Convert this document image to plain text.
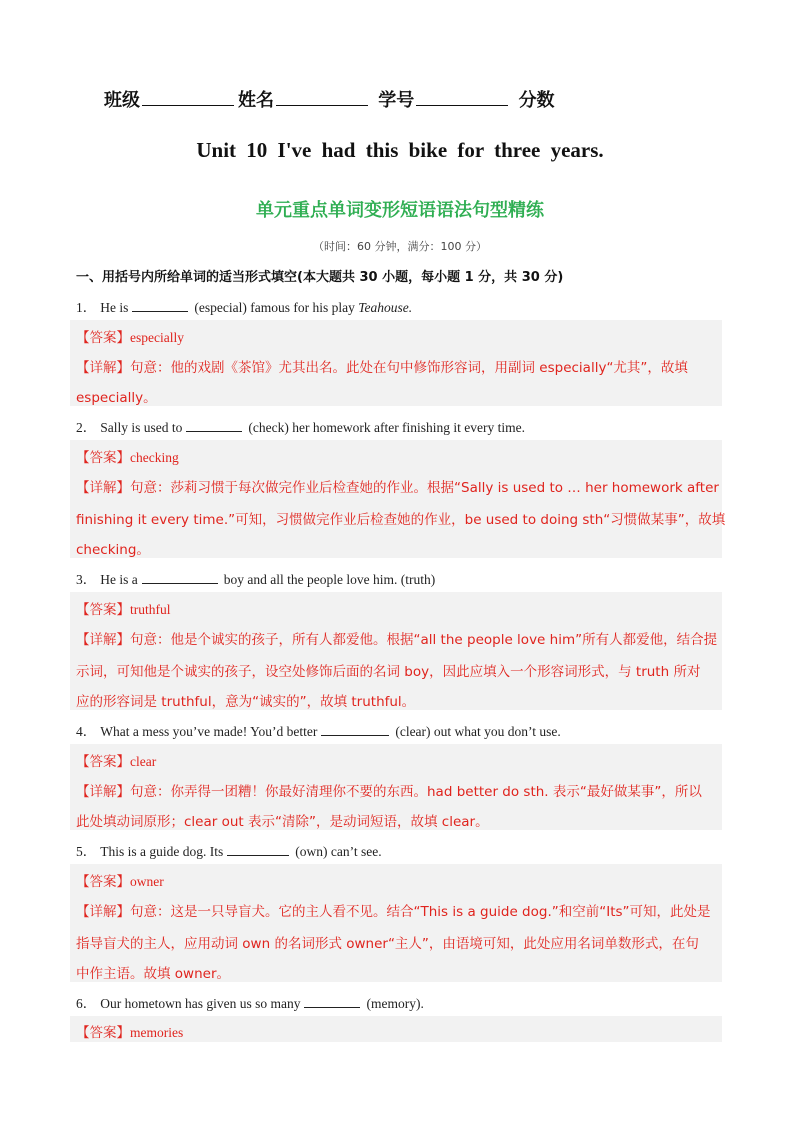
班级	姓名	学号	分数
Unit 10 I've had this bike for three years.
单元重点单词变形短语语法句型精练
（时间：60 分钟，满分：100 分）
一、用括号内所给单词的适当形式填空(本大题共 30 小题，每小题 1 分，共 30 分)
1． He is	(especial) famous for his play Teahouse.
【答案】especially
【详解】句意：他的戏剧《茶馆》尤其出名。此处在句中修饰形容词，用副词 especially“尤其”，故填
especially。
2． Sally is used to	(check) her homework after finishing it every time.
【答案】checking
【详解】句意：莎莉习惯于每次做完作业后检查她的作业。根据“Sally is used to … her homework after
finishing it every time.”可知，习惯做完作业后检查她的作业，be used to doing sth“习惯做某事”，故填
checking。
3． He is a	boy and all the people love him. (truth)
【答案】truthful
【详解】句意：他是个诚实的孩子，所有人都爱他。根据“all the people love him”所有人都爱他，结合提
示词，可知他是个诚实的孩子，设空处修饰后面的名词 boy，因此应填入一个形容词形式，与 truth 所对
应的形容词是 truthful，意为“诚实的”，故填 truthful。
4． What a mess you’ve made! You’d better	(clear) out what you don’t use.
【答案】clear
【详解】句意：你弄得一团糟！你最好清理你不要的东西。had better do sth. 表示“最好做某事”，所以
此处填动词原形；clear out 表示“清除”，是动词短语，故填 clear。
5． This is a guide dog. Its	(own) can’t see.
【答案】owner
【详解】句意：这是一只导盲犬。它的主人看不见。结合“This is a guide dog.”和空前“Its”可知，此处是
指导盲犬的主人，应用动词 own 的名词形式 owner“主人”，由语境可知，此处应用名词单数形式，在句
中作主语。故填 owner。
6． Our hometown has given us so many	(memory).
【答案】memories
